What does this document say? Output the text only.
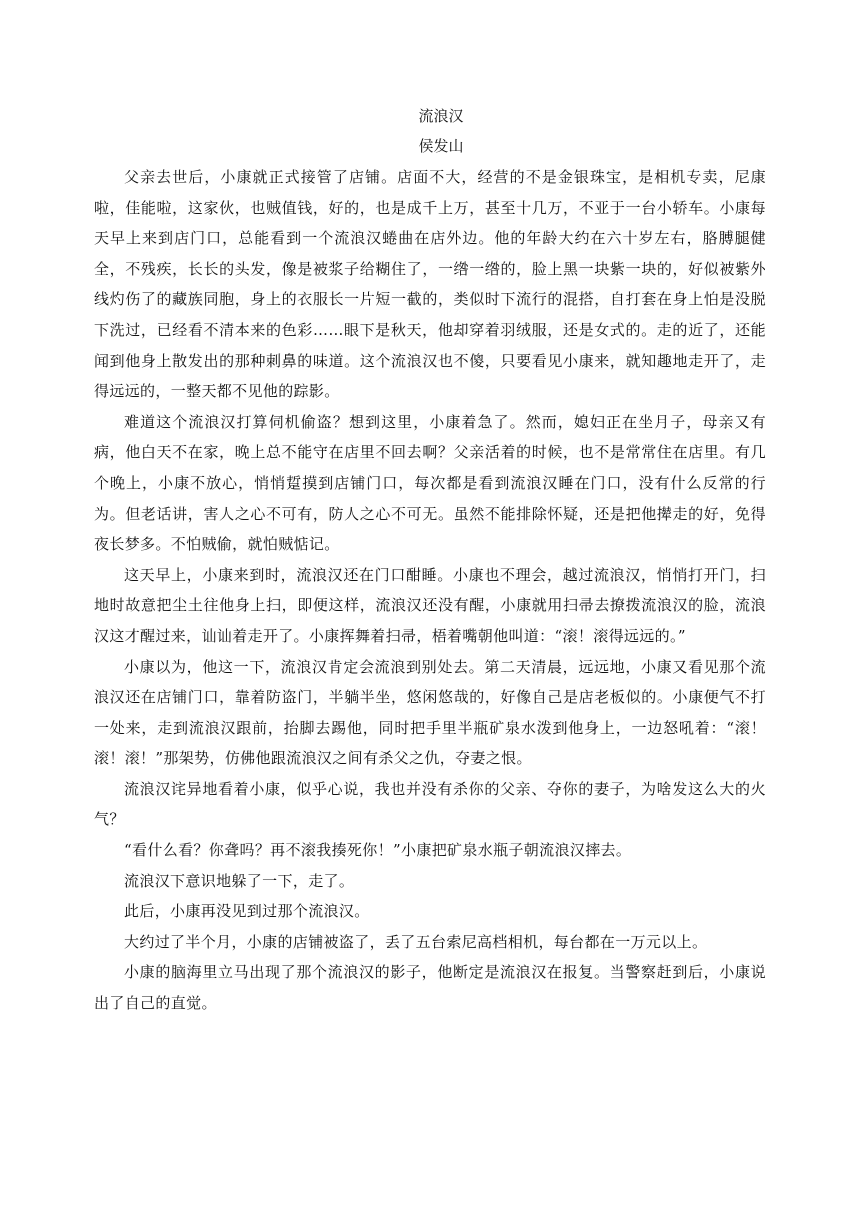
流浪汉
侯发山

父亲去世后，小康就正式接管了店铺。店面不大，经营的不是金银珠宝，是相机专卖，尼康啦，佳能啦，这家伙，也贼值钱，好的，也是成千上万，甚至十几万，不亚于一台小轿车。小康每天早上来到店门口，总能看到一个流浪汉蜷曲在店外边。他的年龄大约在六十岁左右，胳膊腿健全，不残疾，长长的头发，像是被浆子给糊住了，一绺一绺的，脸上黑一块紫一块的，好似被紫外线灼伤了的藏族同胞，身上的衣服长一片短一截的，类似时下流行的混搭，自打套在身上怕是没脱下洗过，已经看不清本来的色彩……眼下是秋天，他却穿着羽绒服，还是女式的。走的近了，还能闻到他身上散发出的那种刺鼻的味道。这个流浪汉也不傻，只要看见小康来，就知趣地走开了，走得远远的，一整天都不见他的踪影。

难道这个流浪汉打算伺机偷盗？想到这里，小康着急了。然而，媳妇正在坐月子，母亲又有病，他白天不在家，晚上总不能守在店里不回去啊？父亲活着的时候，也不是常常住在店里。有几个晚上，小康不放心，悄悄踅摸到店铺门口，每次都是看到流浪汉睡在门口，没有什么反常的行为。但老话讲，害人之心不可有，防人之心不可无。虽然不能排除怀疑，还是把他撵走的好，免得夜长梦多。不怕贼偷，就怕贼惦记。

这天早上，小康来到时，流浪汉还在门口酣睡。小康也不理会，越过流浪汉，悄悄打开门，扫地时故意把尘土往他身上扫，即便这样，流浪汉还没有醒，小康就用扫帚去撩拨流浪汉的脸，流浪汉这才醒过来，讪讪着走开了。小康挥舞着扫帚，梧着嘴朝他叫道：“滚！滚得远远的。”

小康以为，他这一下，流浪汉肯定会流浪到别处去。第二天清晨，远远地，小康又看见那个流浪汉还在店铺门口，靠着防盗门，半躺半坐，悠闲悠哉的，好像自己是店老板似的。小康便气不打一处来，走到流浪汉跟前，抬脚去踢他，同时把手里半瓶矿泉水泼到他身上，一边怒吼着：“滚！滚！滚！”那架势，仿佛他跟流浪汉之间有杀父之仇，夺妻之恨。

流浪汉诧异地看着小康，似乎心说，我也并没有杀你的父亲、夺你的妻子，为啥发这么大的火气？

“看什么看？你聋吗？再不滚我揍死你！”小康把矿泉水瓶子朝流浪汉摔去。

流浪汉下意识地躲了一下，走了。

此后，小康再没见到过那个流浪汉。

大约过了半个月，小康的店铺被盗了，丢了五台索尼高档相机，每台都在一万元以上。

小康的脑海里立马出现了那个流浪汉的影子，他断定是流浪汉在报复。当警察赶到后，小康说出了自己的直觉。
